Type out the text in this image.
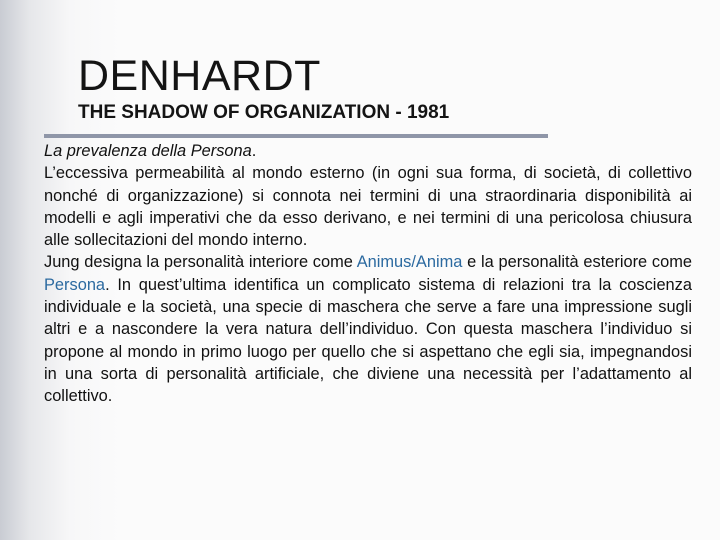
DENHARDT
THE SHADOW OF ORGANIZATION - 1981

La prevalenza della Persona.

L’eccessiva permeabilità al mondo esterno (in ogni sua forma, di società, di collettivo nonché di organizzazione) si connota nei termini di una straordinaria disponibilità ai modelli e agli imperativi che da esso derivano, e nei termini di una pericolosa chiusura alle sollecitazioni del mondo interno.

Jung designa la personalità interiore come Animus/Anima e la personalità esteriore come Persona. In quest’ultima identifica un complicato sistema di relazioni tra la coscienza individuale e la società, una specie di maschera che serve a fare una impressione sugli altri e a nascondere la vera natura dell’individuo. Con questa maschera l’individuo si propone al mondo in primo luogo per quello che si aspettano che egli sia, impegnandosi in una sorta di personalità artificiale, che diviene una necessità per l’adattamento al collettivo.
